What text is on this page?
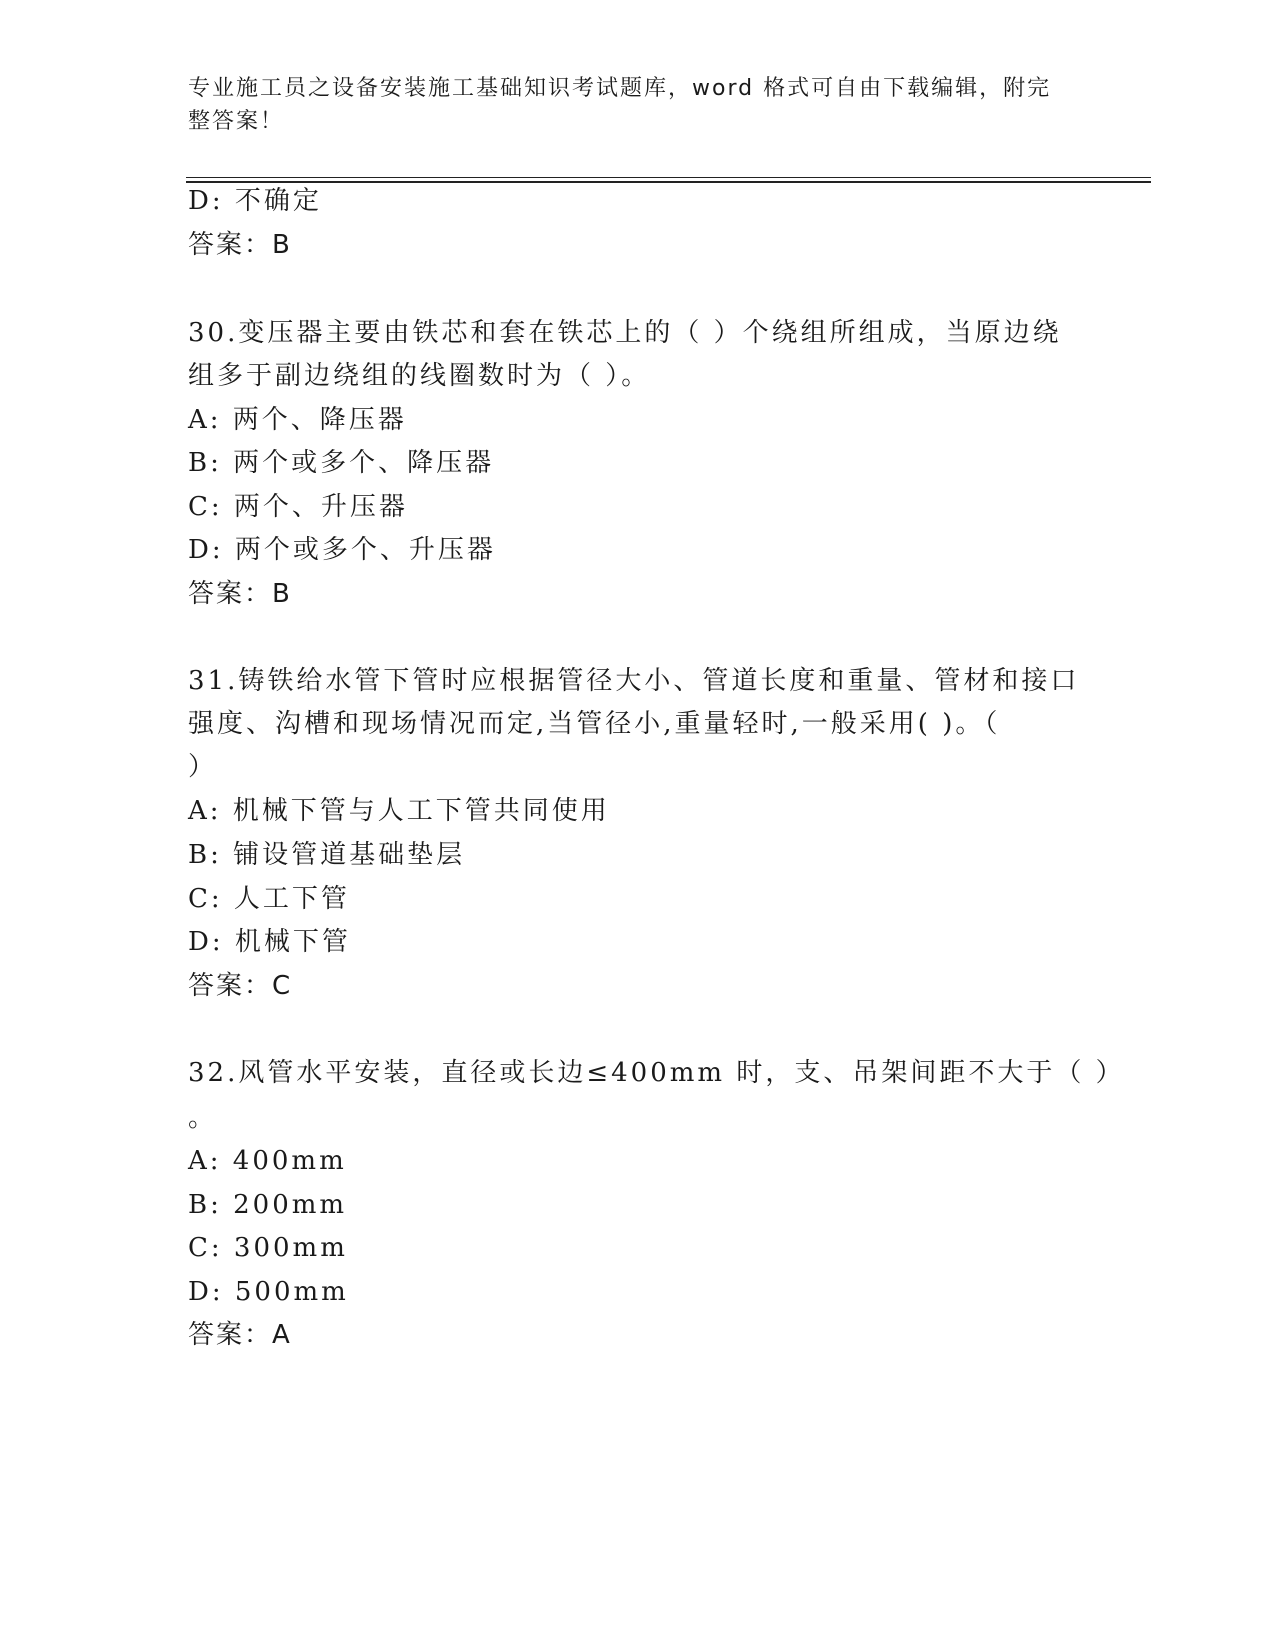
专业施工员之设备安装施工基础知识考试题库，word 格式可自由下载编辑，附完整答案！
D: 不确定
答案：B
30.变压器主要由铁芯和套在铁芯上的（ ）个绕组所组成，当原边绕
组多于副边绕组的线圈数时为（ ）。
A: 两个、降压器
B: 两个或多个、降压器
C: 两个、升压器
D: 两个或多个、升压器
答案：B
31.铸铁给水管下管时应根据管径大小、管道长度和重量、管材和接口
强度、沟槽和现场情况而定,当管径小,重量轻时,一般采用( )。（
）
A: 机械下管与人工下管共同使用
B: 铺设管道基础垫层
C: 人工下管
D: 机械下管
答案：C
32.风管水平安装，直径或长边≤400mm 时，支、吊架间距不大于（ ）
。
A: 400mm
B: 200mm
C: 300mm
D: 500mm
答案：A
